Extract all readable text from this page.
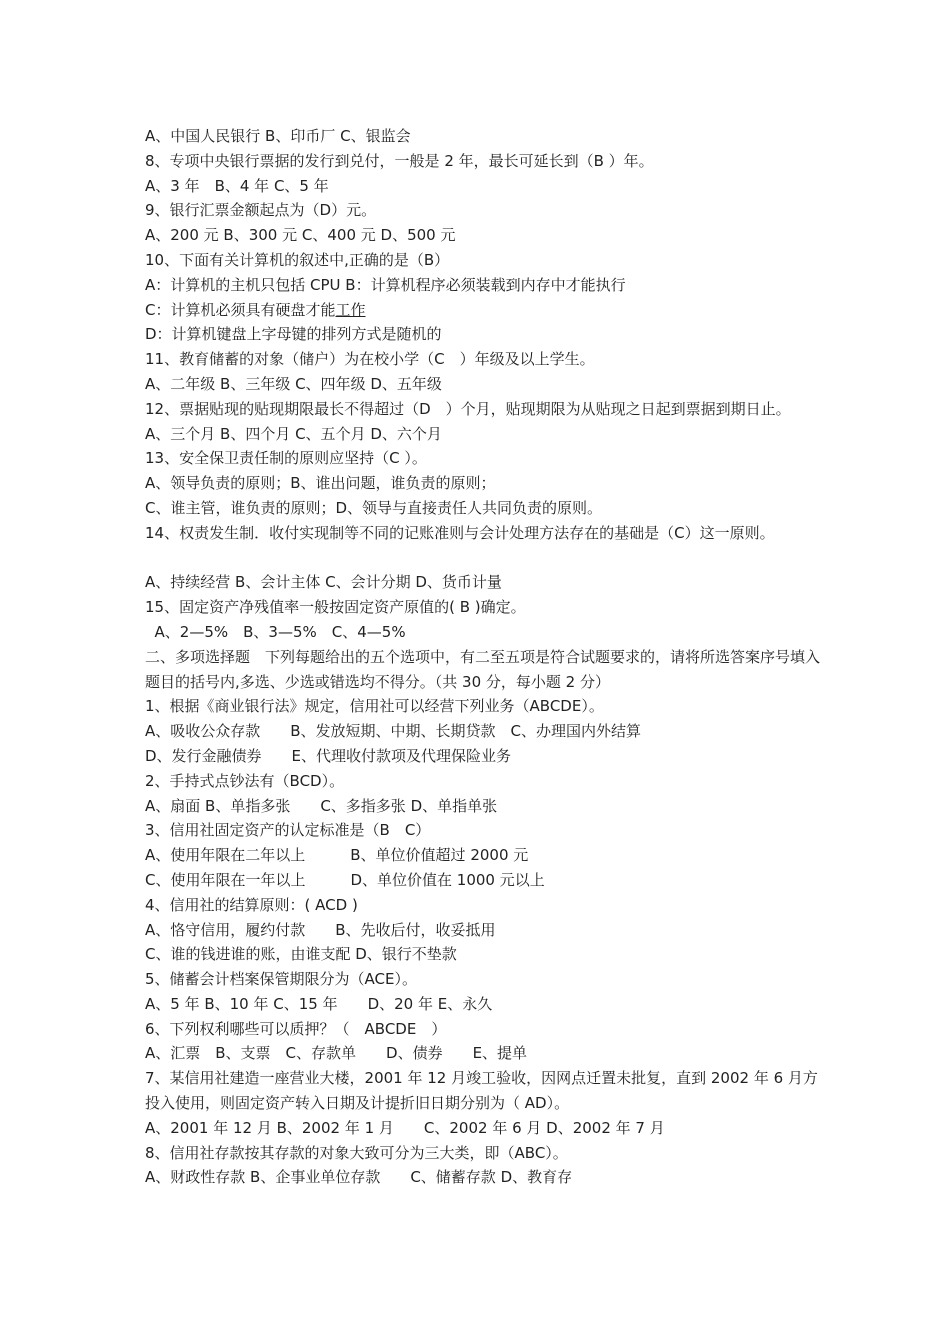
A、中国人民银行 B、印币厂 C、银监会
8、专项中央银行票据的发行到兑付，一般是 2 年，最长可延长到（B ）年。
A、3 年　B、4 年 C、5 年
9、银行汇票金额起点为（D）元。
A、200 元 B、300 元 C、400 元 D、500 元
10、下面有关计算机的叙述中,正确的是（B）
A：计算机的主机只包括 CPU B：计算机程序必须装载到内存中才能执行
C：计算机必须具有硬盘才能工作
D：计算机键盘上字母键的排列方式是随机的
11、教育储蓄的对象（储户）为在校小学（C　）年级及以上学生。
A、二年级 B、三年级 C、四年级 D、五年级
12、票据贴现的贴现期限最长不得超过（D　）个月，贴现期限为从贴现之日起到票据到期日止。
A、三个月 B、四个月 C、五个月 D、六个月
13、安全保卫责任制的原则应坚持（C ）。
A、领导负责的原则；B、谁出问题，谁负责的原则；
C、谁主管，谁负责的原则；D、领导与直接责任人共同负责的原则。
14、权责发生制．收付实现制等不同的记账准则与会计处理方法存在的基础是（C）这一原则。
A、持续经营 B、会计主体 C、会计分期 D、货币计量
15、固定资产净残值率一般按固定资产原值的( B )确定。
A、2—5%　B、3—5%　C、4—5%
二、多项选择题　下列每题给出的五个选项中，有二至五项是符合试题要求的，请将所选答案序号填入题目的括号内,多选、少选或错选均不得分。（共 30 分，每小题 2 分）
1、根据《商业银行法》规定，信用社可以经营下列业务（ABCDE）。
A、吸收公众存款　　B、发放短期、中期、长期贷款　C、办理国内外结算
D、发行金融债券　　E、代理收付款项及代理保险业务
2、手持式点钞法有（BCD）。
A、扇面 B、单指多张　　C、多指多张 D、单指单张
3、信用社固定资产的认定标准是（B　C）
A、使用年限在二年以上　　　B、单位价值超过 2000 元
C、使用年限在一年以上　　　D、单位价值在 1000 元以上
4、信用社的结算原则：( ACD )
A、恪守信用，履约付款　　B、先收后付，收妥抵用
C、谁的钱进谁的账，由谁支配 D、银行不垫款
5、储蓄会计档案保管期限分为（ACE）。
A、5 年 B、10 年 C、15 年　　D、20 年 E、永久
6、下列权利哪些可以质押？（　ABCDE　）
A、汇票　B、支票　C、存款单　　D、债券　　E、提单
7、某信用社建造一座营业大楼，2001 年 12 月竣工验收，因网点迁置未批复，直到 2002 年 6 月方投入使用，则固定资产转入日期及计提折旧日期分别为（ AD）。
A、2001 年 12 月 B、2002 年 1 月　　C、2002 年 6 月 D、2002 年 7 月
8、信用社存款按其存款的对象大致可分为三大类，即（ABC）。
A、财政性存款 B、企事业单位存款　　C、储蓄存款 D、教育存
